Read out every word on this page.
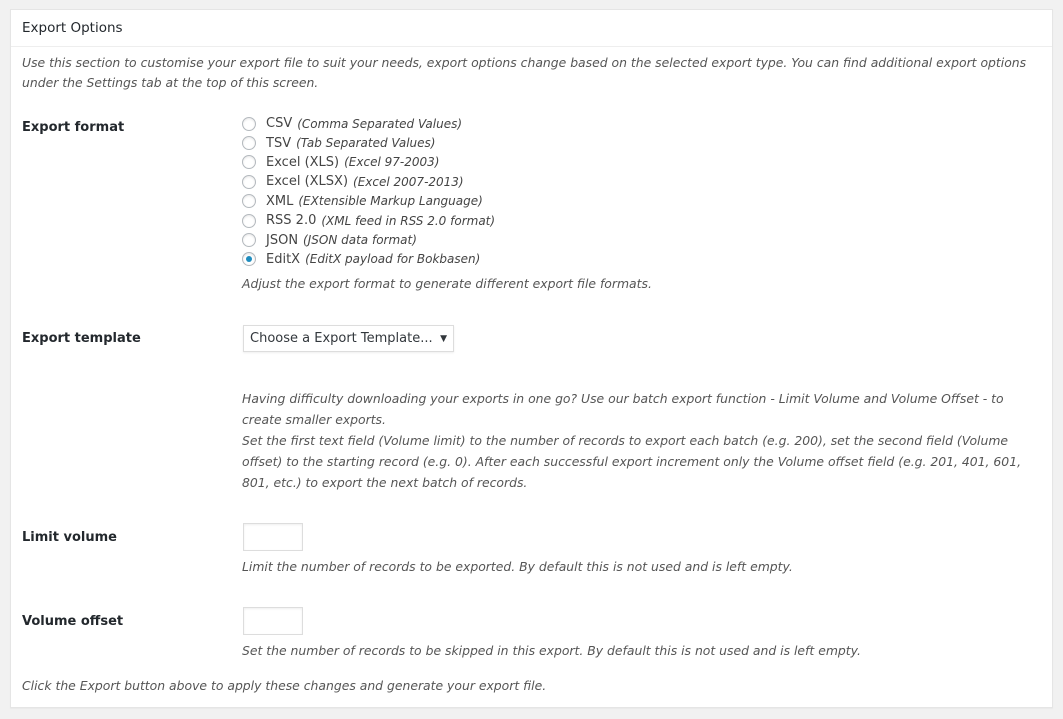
Export Options
Use this section to customise your export file to suit your needs, export options change based on the selected export type. You can find additional export options under the Settings tab at the top of this screen.
Export format	CSV (Comma Separated Values)
TSV (Tab Separated Values)
Excel (XLS) (Excel 97-2003)
Excel (XLSX) (Excel 2007-2013)
XML (EXtensible Markup Language)
RSS 2.0 (XML feed in RSS 2.0 format)
JSON (JSON data format)
EditX (EditX payload for Bokbasen)
Adjust the export format to generate different export file formats.
Export template	Choose a Export Template... ▼
Having difficulty downloading your exports in one go? Use our batch export function - Limit Volume and Volume Offset - to create smaller exports.
Set the first text field (Volume limit) to the number of records to export each batch (e.g. 200), set the second field (Volume offset) to the starting record (e.g. 0). After each successful export increment only the Volume offset field (e.g. 201, 401, 601, 801, etc.) to export the next batch of records.
Limit volume
Limit the number of records to be exported. By default this is not used and is left empty.
Volume offset
Set the number of records to be skipped in this export. By default this is not used and is left empty.
Click the Export button above to apply these changes and generate your export file.
